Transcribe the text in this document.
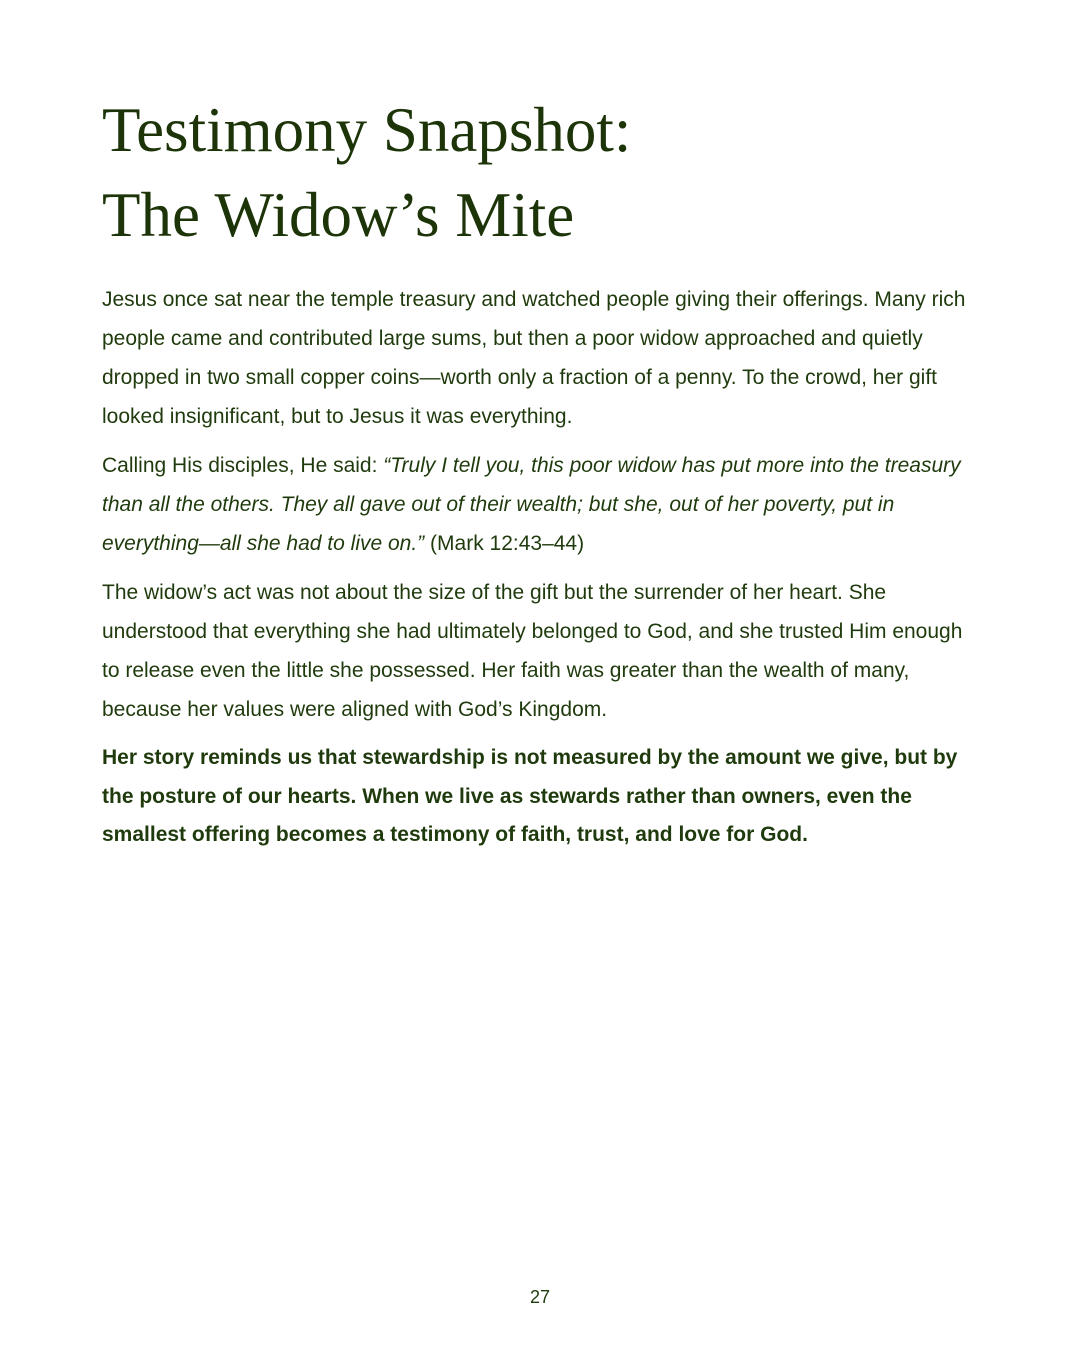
Testimony Snapshot:
The Widow’s Mite

Jesus once sat near the temple treasury and watched people giving their offerings. Many rich people came and contributed large sums, but then a poor widow approached and quietly dropped in two small copper coins—worth only a fraction of a penny. To the crowd, her gift looked insignificant, but to Jesus it was everything.

Calling His disciples, He said: “Truly I tell you, this poor widow has put more into the treasury than all the others. They all gave out of their wealth; but she, out of her poverty, put in everything—all she had to live on.” (Mark 12:43–44)

The widow’s act was not about the size of the gift but the surrender of her heart. She understood that everything she had ultimately belonged to God, and she trusted Him enough to release even the little she possessed. Her faith was greater than the wealth of many, because her values were aligned with God’s Kingdom.

Her story reminds us that stewardship is not measured by the amount we give, but by the posture of our hearts. When we live as stewards rather than owners, even the smallest offering becomes a testimony of faith, trust, and love for God.

27
